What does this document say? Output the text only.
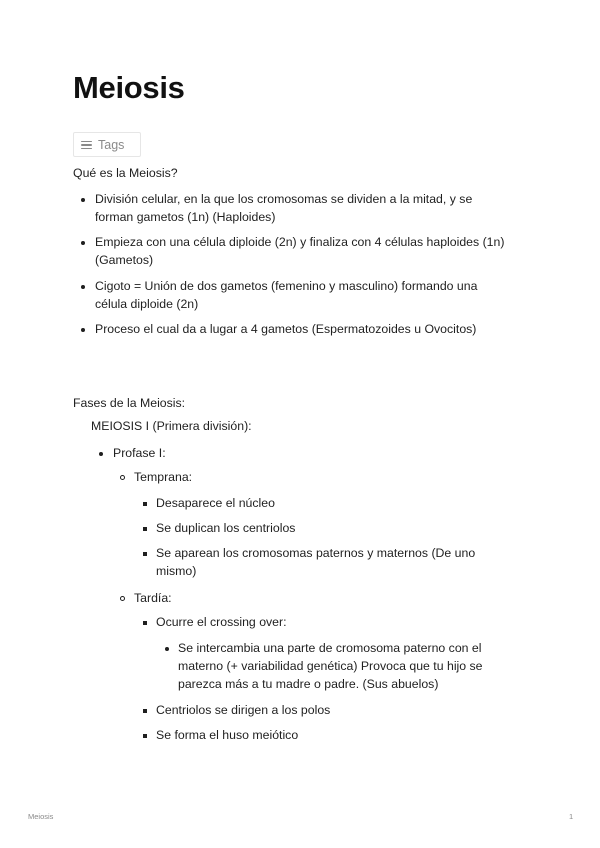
Meiosis
Tags
Qué es la Meiosis?
División celular, en la que los cromosomas se dividen a la mitad, y se
forman gametos (1n) (Haploides)
Empieza con una célula diploide (2n) y finaliza con 4 células haploides (1n)
(Gametos)
Cigoto = Unión de dos gametos (femenino y masculino) formando una
célula diploide (2n)
Proceso el cual da a lugar a 4 gametos (Espermatozoides u Ovocitos)
Fases de la Meiosis:
MEIOSIS I (Primera división):
Profase I:
Temprana:
Desaparece el núcleo
Se duplican los centriolos
Se aparean los cromosomas paternos y maternos (De uno
mismo)
Tardía:
Ocurre el crossing over:
Se intercambia una parte de cromosoma paterno con el
materno (+ variabilidad genética) Provoca que tu hijo se
parezca más a tu madre o padre. (Sus abuelos)
Centriolos se dirigen a los polos
Se forma el huso meiótico
Meiosis	1
